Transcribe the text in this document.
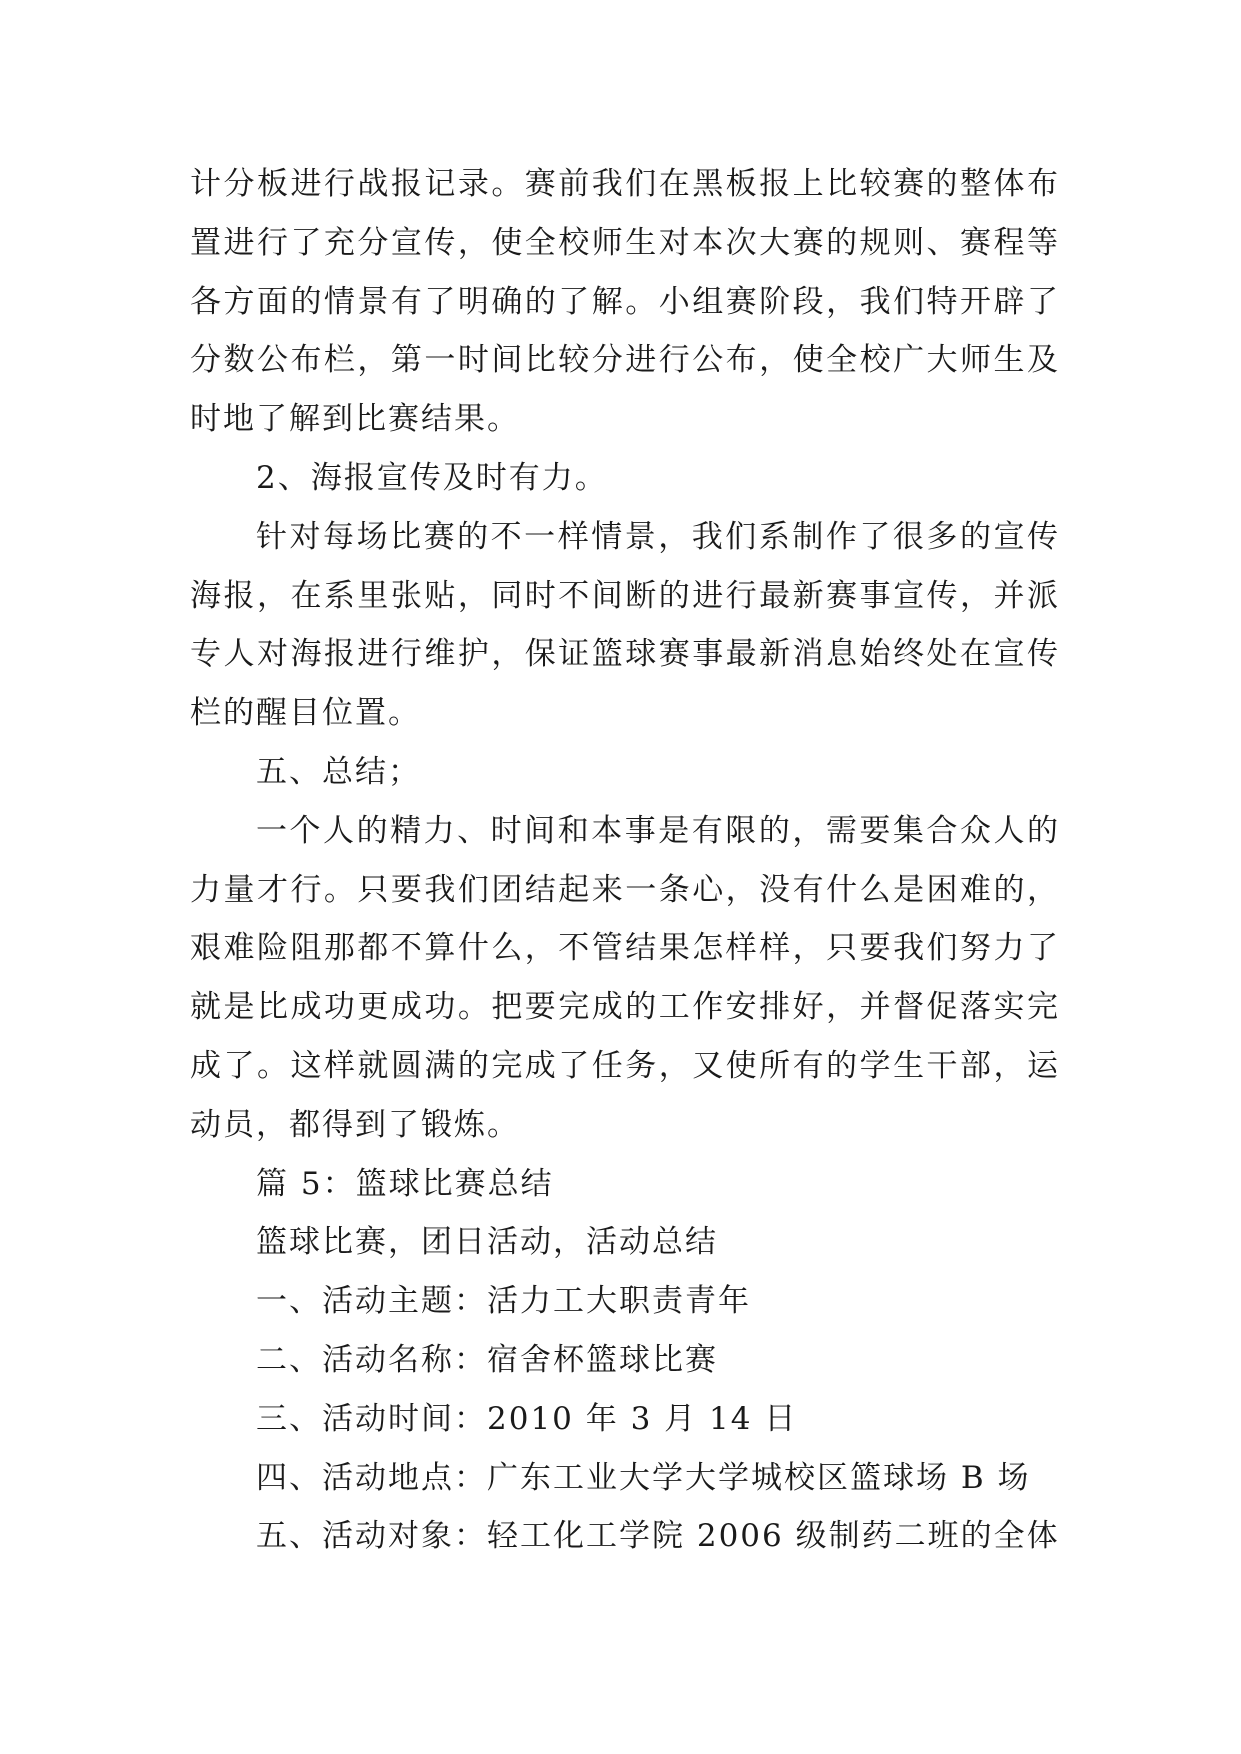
计分板进行战报记录。赛前我们在黑板报上比较赛的整体布置进行了充分宣传，使全校师生对本次大赛的规则、赛程等各方面的情景有了明确的了解。小组赛阶段，我们特开辟了分数公布栏，第一时间比较分进行公布，使全校广大师生及时地了解到比赛结果。

2、海报宣传及时有力。

针对每场比赛的不一样情景，我们系制作了很多的宣传海报，在系里张贴，同时不间断的进行最新赛事宣传，并派专人对海报进行维护，保证篮球赛事最新消息始终处在宣传栏的醒目位置。

五、总结；

一个人的精力、时间和本事是有限的，需要集合众人的力量才行。只要我们团结起来一条心，没有什么是困难的，艰难险阻那都不算什么，不管结果怎样样，只要我们努力了就是比成功更成功。把要完成的工作安排好，并督促落实完成了。这样就圆满的完成了任务，又使所有的学生干部，运动员，都得到了锻炼。

篇 5：篮球比赛总结

篮球比赛，团日活动，活动总结

一、活动主题：活力工大职责青年

二、活动名称：宿舍杯篮球比赛

三、活动时间：2010 年 3 月 14 日

四、活动地点：广东工业大学大学城校区篮球场 B 场

五、活动对象：轻工化工学院 2006 级制药二班的全体
